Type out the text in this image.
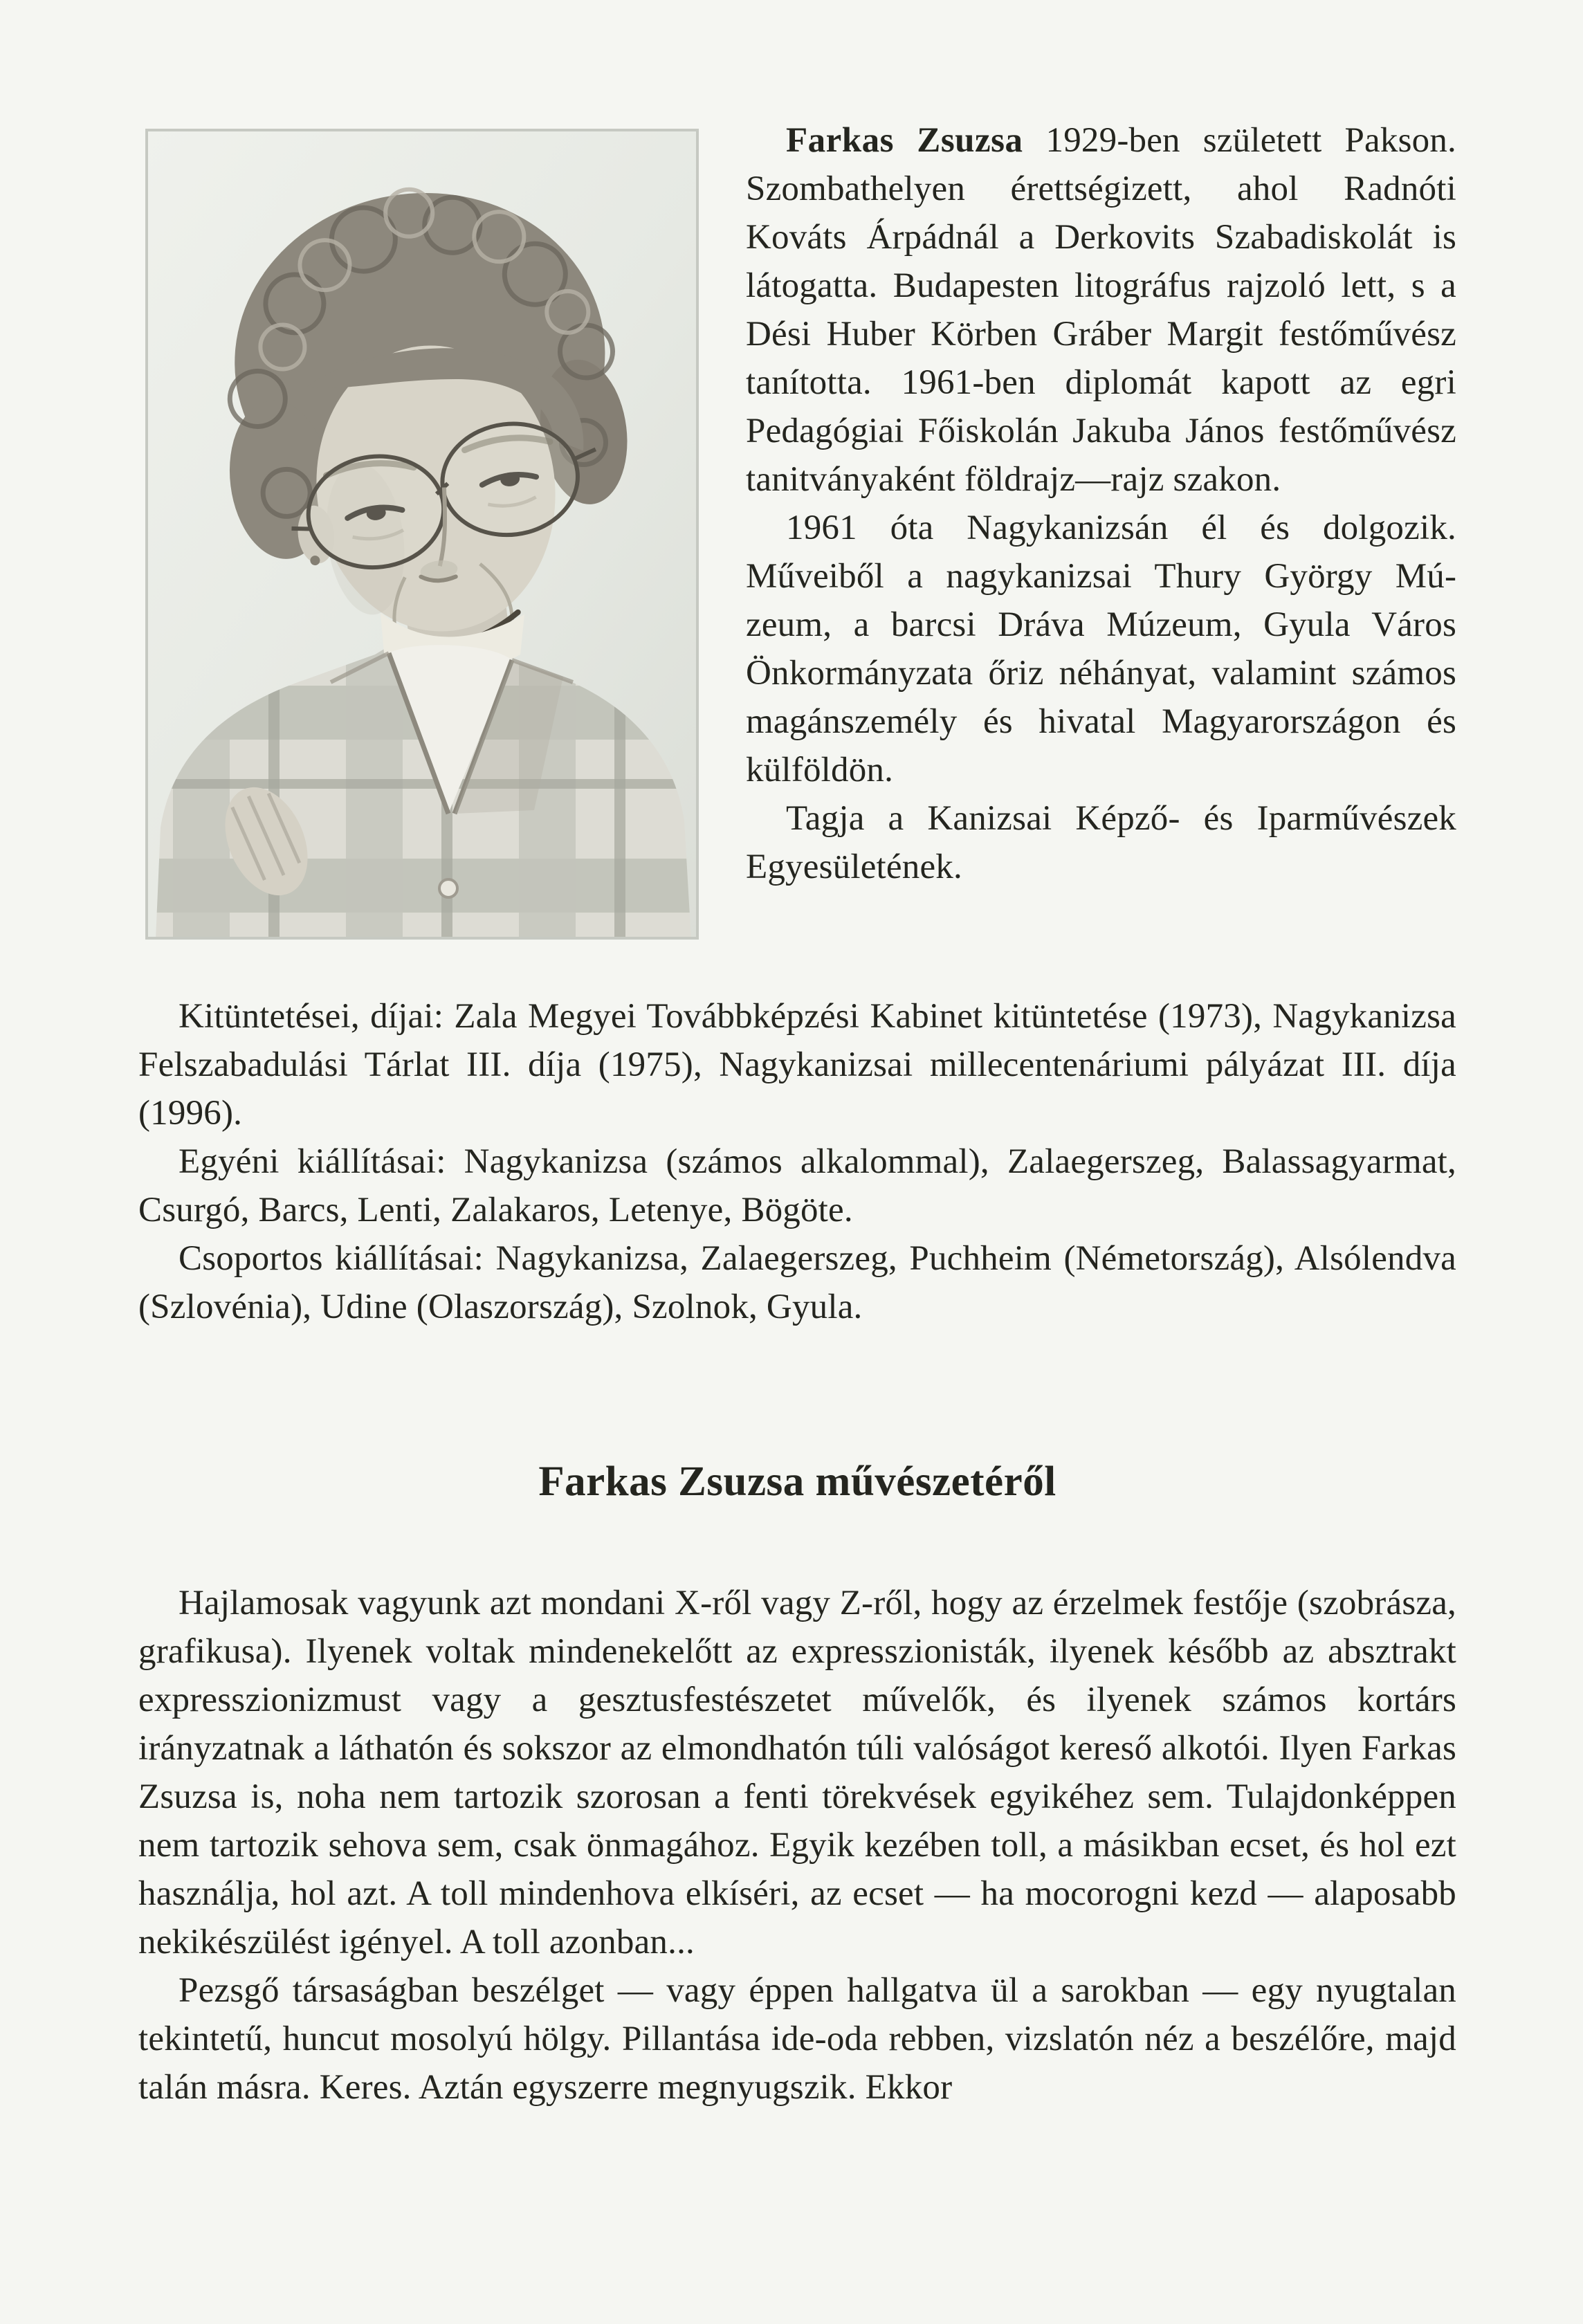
Farkas Zsuzsa 1929-ben született Pakson. Szombathelyen érettségizett, ahol Radnóti Kováts Árpádnál a Derkovits Szabadiskolát is látogatta. Budapesten litográfus rajzoló lett, s a Dési Huber Körben Gráber Margit festőművész tanította. 1961-ben diplomát kapott az egri Pedagógiai Főiskolán Jakuba János festőművész tanitványaként földrajz—rajz szakon.

1961 óta Nagykanizsán él és dolgozik. Műveiből a nagykanizsai Thury György Múzeum, a barcsi Dráva Múzeum, Gyula Város Önkormányzata őriz néhányat, valamint számos magánszemély és hivatal Magyarországon és külföldön.

Tagja a Kanizsai Képző- és Iparművészek Egyesületének.

Kitüntetései, díjai: Zala Megyei Továbbképzési Kabinet kitüntetése (1973), Nagykanizsa Felszabadulási Tárlat III. díja (1975), Nagykanizsai millecentenáriumi pályázat III. díja (1996).

Egyéni kiállításai: Nagykanizsa (számos alkalommal), Zalaegerszeg, Balassagyarmat, Csurgó, Barcs, Lenti, Zalakaros, Letenye, Bögöte.

Csoportos kiállításai: Nagykanizsa, Zalaegerszeg, Puchheim (Németország), Alsólendva (Szlovénia), Udine (Olaszország), Szolnok, Gyula.

Farkas Zsuzsa művészetéről

Hajlamosak vagyunk azt mondani X-ről vagy Z-ről, hogy az érzelmek festője (szobrásza, grafikusa). Ilyenek voltak mindenekelőtt az expresszionisták, ilyenek később az absztrakt expresszionizmust vagy a gesztusfestészetet művelők, és ilyenek számos kortárs irányzatnak a láthatón és sokszor az elmondhatón túli valóságot kereső alkotói. Ilyen Farkas Zsuzsa is, noha nem tartozik szorosan a fenti törekvések egyikéhez sem. Tulajdonképpen nem tartozik sehova sem, csak önmagához. Egyik kezében toll, a másikban ecset, és hol ezt használja, hol azt. A toll mindenhova elkíséri, az ecset — ha mocorogni kezd — alaposabb nekikészülést igényel. A toll azonban...

Pezsgő társaságban beszélget — vagy éppen hallgatva ül a sarokban — egy nyugtalan tekintetű, huncut mosolyú hölgy. Pillantása ide-oda rebben, vizslatón néz a beszélőre, majd talán másra. Keres. Aztán egyszerre megnyugszik. Ekkor
